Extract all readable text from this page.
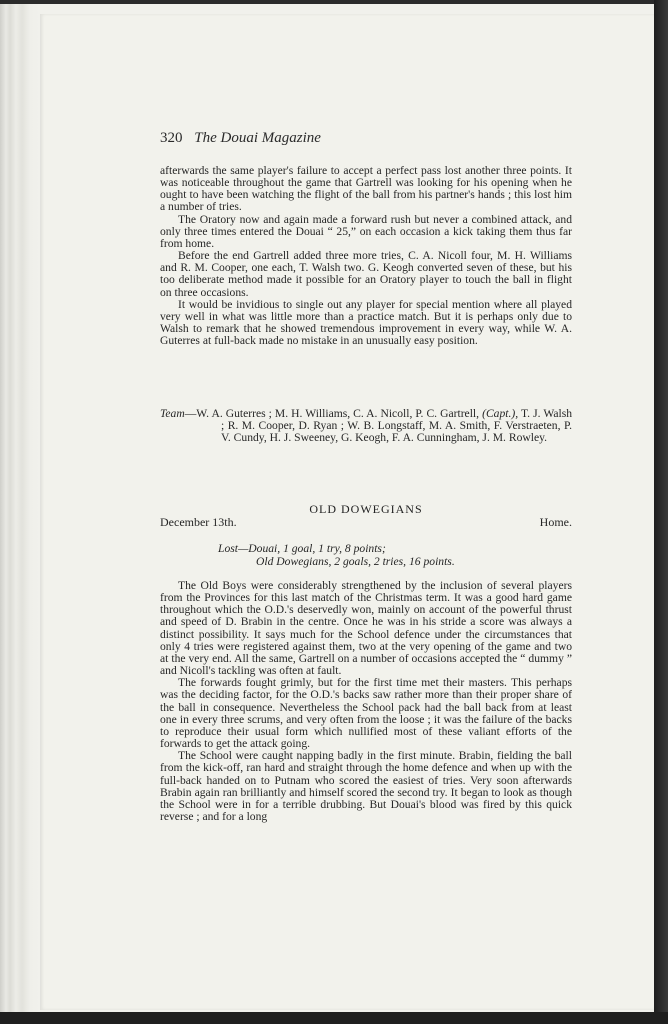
320 The Douai Magazine

afterwards the same player's failure to accept a perfect pass lost another three points. It was noticeable throughout the game that Gartrell was looking for his opening when he ought to have been watching the flight of the ball from his partner's hands ; this lost him a number of tries.

The Oratory now and again made a forward rush but never a combined attack, and only three times entered the Douai “ 25,” on each occasion a kick taking them thus far from home.

Before the end Gartrell added three more tries, C. A. Nicoll four, M. H. Williams and R. M. Cooper, one each, T. Walsh two. G. Keogh converted seven of these, but his too deliberate method made it possible for an Oratory player to touch the ball in flight on three occasions.

It would be invidious to single out any player for special mention where all played very well in what was little more than a practice match. But it is perhaps only due to Walsh to remark that he showed tremendous improvement in every way, while W. A. Guterres at full-back made no mistake in an unusually easy position.

Team—W. A. Guterres ; M. H. Williams, C. A. Nicoll, P. C. Gartrell, (Capt.), T. J. Walsh ; R. M. Cooper, D. Ryan ; W. B. Longstaff, M. A. Smith, F. Verstraeten, P. V. Cundy, H. J. Sweeney, G. Keogh, F. A. Cunningham, J. M. Rowley.
OLD DOWEGIANS
December 13th.	Home.
Lost—Douai, 1 goal, 1 try, 8 points;
Old Dowegians, 2 goals, 2 tries, 16 points.

The Old Boys were considerably strengthened by the inclusion of several players from the Provinces for this last match of the Christmas term. It was a good hard game throughout which the O.D.'s deservedly won, mainly on account of the powerful thrust and speed of D. Brabin in the centre. Once he was in his stride a score was always a distinct possibility. It says much for the School defence under the circumstances that only 4 tries were registered against them, two at the very opening of the game and two at the very end. All the same, Gartrell on a number of occasions accepted the “ dummy ” and Nicoll's tackling was often at fault.

The forwards fought grimly, but for the first time met their masters. This perhaps was the deciding factor, for the O.D.'s backs saw rather more than their proper share of the ball in consequence. Nevertheless the School pack had the ball back from at least one in every three scrums, and very often from the loose ; it was the failure of the backs to reproduce their usual form which nullified most of these valiant efforts of the forwards to get the attack going.

The School were caught napping badly in the first minute. Brabin, fielding the ball from the kick-off, ran hard and straight through the home defence and when up with the full-back handed on to Putnam who scored the easiest of tries. Very soon afterwards Brabin again ran brilliantly and himself scored the second try. It began to look as though the School were in for a terrible drubbing. But Douai's blood was fired by this quick reverse ; and for a long
